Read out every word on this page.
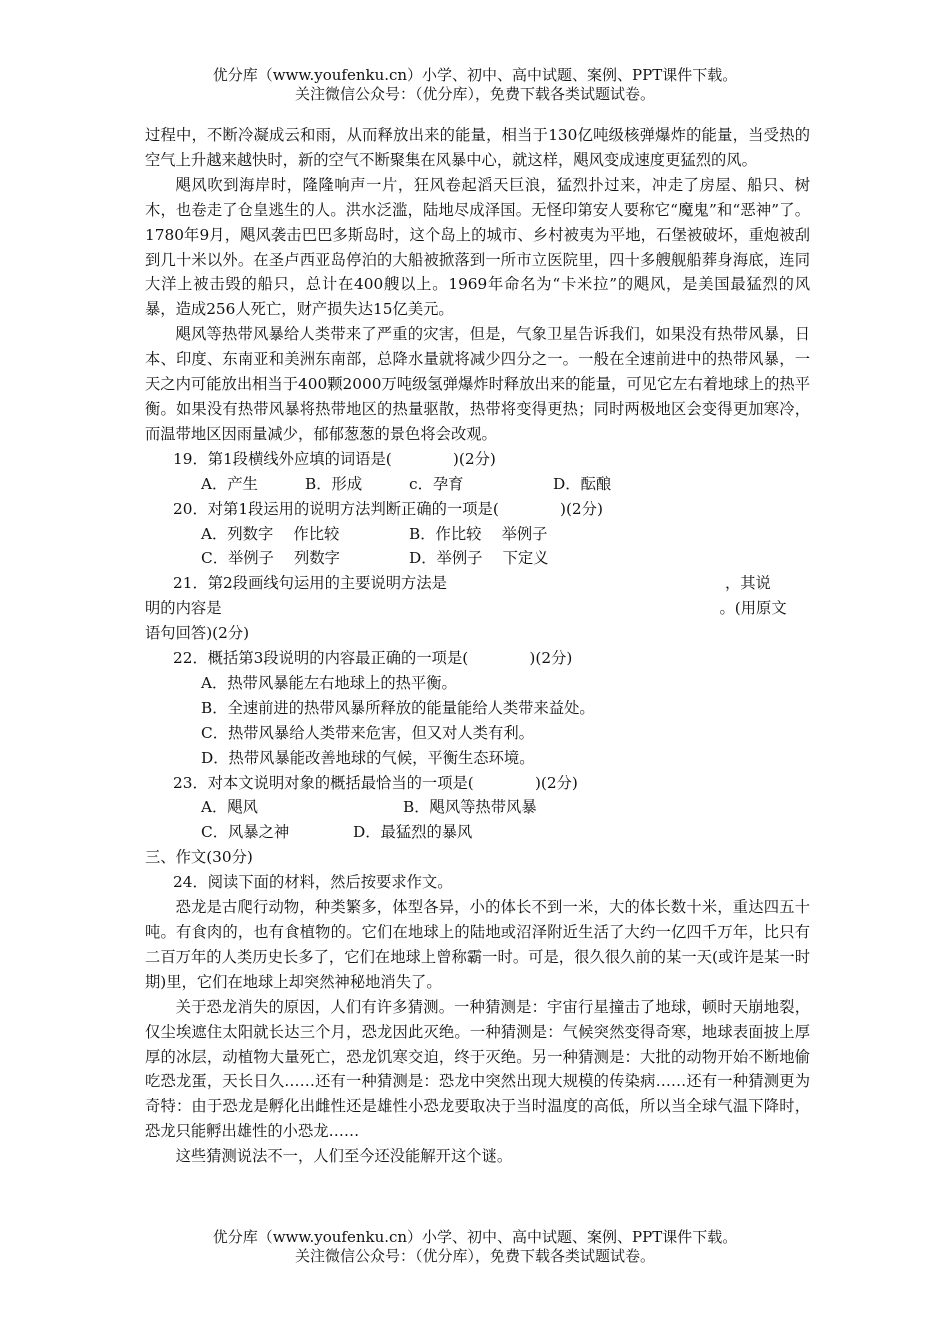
优分库（www.youfenku.cn）小学、初中、高中试题、案例、PPT课件下载。
关注微信公众号：（优分库），免费下载各类试题试卷。

过程中，不断冷凝成云和雨，从而释放出来的能量，相当于130亿吨级核弹爆炸的能量，当受热的空气上升越来越快时，新的空气不断聚集在风暴中心，就这样，飓风变成速度更猛烈的风。

飓风吹到海岸时，隆隆响声一片，狂风卷起滔天巨浪，猛烈扑过来，冲走了房屋、船只、树木，也卷走了仓皇逃生的人。洪水泛滥，陆地尽成泽国。无怪印第安人要称它“魔鬼”和“恶神”了。 1780年9月，飓风袭击巴巴多斯岛时，这个岛上的城市、乡村被夷为平地，石堡被破坏，重炮被刮到几十米以外。在圣卢西亚岛停泊的大船被掀落到一所市立医院里，四十多艘舰船葬身海底，连同大洋上被击毁的船只，总计在400艘以上。1969年命名为“卡米拉”的飓风，是美国最猛烈的风暴，造成256人死亡，财产损失达15亿美元。

飓风等热带风暴给人类带来了严重的灾害，但是，气象卫星告诉我们，如果没有热带风暴，日本、印度、东南亚和美洲东南部，总降水量就将减少四分之一。一般在全速前进中的热带风暴，一天之内可能放出相当于400颗2000万吨级氢弹爆炸时释放出来的能量，可见它左右着地球上的热平衡。如果没有热带风暴将热带地区的热量驱散，热带将变得更热；同时两极地区会变得更加寒冷，而温带地区因雨量减少，郁郁葱葱的景色将会改观。

19．第1段横线外应填的词语是(　　　　)(2分)

A．产生	B．形成	c．孕育	D．酝酿

20．对第1段运用的说明方法判断正确的一项是(　　　　)(2分)

A．列数字　 作比较	B．作比较　 举例子

C．举例子　 列数字	D．举例子　 下定义

21．第2段画线句运用的主要说明方法是	，其说

明的内容是	。(用原文

语句回答)(2分)

22．概括第3段说明的内容最正确的一项是(　　　　)(2分)

A．热带风暴能左右地球上的热平衡。

B．全速前进的热带风暴所释放的能量能给人类带来益处。

C．热带风暴给人类带来危害，但又对人类有利。

D．热带风暴能改善地球的气候，平衡生态环境。

23．对本文说明对象的概括最恰当的一项是(　　　　)(2分)

A．飓风	B．飓风等热带风暴

C．风暴之神	D．最猛烈的暴风

三、作文(30分)

24．阅读下面的材料，然后按要求作文。

恐龙是古爬行动物，种类繁多，体型各异，小的体长不到一米，大的体长数十米，重达四五十吨。有食肉的，也有食植物的。它们在地球上的陆地或沼泽附近生活了大约一亿四千万年，比只有二百万年的人类历史长多了，它们在地球上曾称霸一时。可是，很久很久前的某一天(或许是某一时期)里，它们在地球上却突然神秘地消失了。

关于恐龙消失的原因，人们有许多猜测。一种猜测是：宇宙行星撞击了地球，顿时天崩地裂，仅尘埃遮住太阳就长达三个月，恐龙因此灭绝。一种猜测是：气候突然变得奇寒，地球表面披上厚厚的冰层，动植物大量死亡，恐龙饥寒交迫，终于灭绝。另一种猜测是：大批的动物开始不断地偷吃恐龙蛋，天长日久……还有一种猜测是：恐龙中突然出现大规模的传染病……还有一种猜测更为奇特：由于恐龙是孵化出雌性还是雄性小恐龙要取决于当时温度的高低，所以当全球气温下降时，恐龙只能孵出雄性的小恐龙……

这些猜测说法不一，人们至今还没能解开这个谜。

优分库（www.youfenku.cn）小学、初中、高中试题、案例、PPT课件下载。
关注微信公众号：（优分库），免费下载各类试题试卷。
